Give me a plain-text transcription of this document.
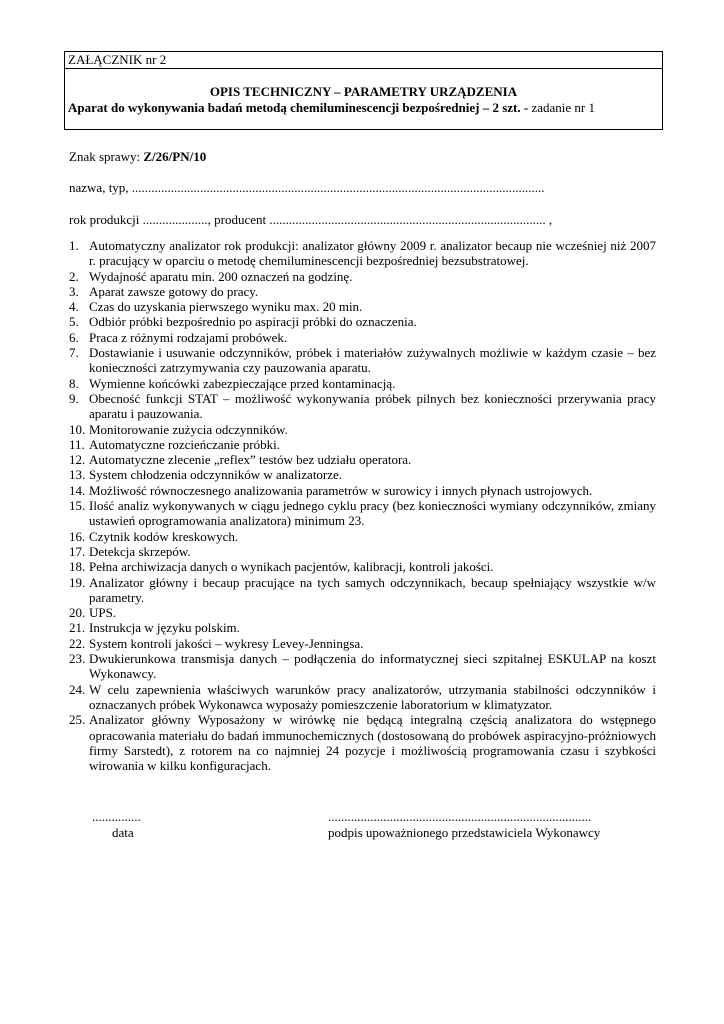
ZAŁĄCZNIK nr 2
OPIS TECHNICZNY – PARAMETRY URZĄDZENIA
Aparat do wykonywania badań metodą chemiluminescencji bezpośredniej – 2 szt. - zadanie nr 1
Znak sprawy: Z/26/PN/10
nazwa, typ, ...............................................................................................................................
rok produkcji ...................., producent ..................................................................................... ,
1. Automatyczny analizator rok produkcji: analizator główny 2009 r. analizator becaup nie wcześniej niż 2007 r. pracujący w oparciu o metodę chemiluminescencji bezpośredniej bezsubstratowej.
2. Wydajność aparatu min. 200 oznaczeń na godzinę.
3. Aparat zawsze gotowy do pracy.
4. Czas do uzyskania pierwszego wyniku max. 20 min.
5. Odbiór próbki bezpośrednio po aspiracji próbki do oznaczenia.
6. Praca z różnymi rodzajami probówek.
7. Dostawianie i usuwanie odczynników, próbek i materiałów zużywalnych możliwie w każdym czasie – bez konieczności zatrzymywania czy pauzowania aparatu.
8. Wymienne końcówki zabezpieczające przed kontaminacją.
9. Obecność funkcji STAT – możliwość wykonywania próbek pilnych bez konieczności przerywania pracy aparatu i pauzowania.
10. Monitorowanie zużycia odczynników.
11. Automatyczne rozcieńczanie próbki.
12. Automatyczne zlecenie „reflex” testów bez udziału operatora.
13. System chłodzenia odczynników w analizatorze.
14. Możliwość równoczesnego analizowania parametrów w surowicy i innych płynach ustrojowych.
15. Ilość analiz wykonywanych w ciągu jednego cyklu pracy (bez konieczności wymiany odczynników, zmiany ustawień oprogramowania analizatora) minimum 23.
16. Czytnik kodów kreskowych.
17. Detekcja skrzepów.
18. Pełna archiwizacja danych o wynikach pacjentów, kalibracji, kontroli jakości.
19. Analizator główny i becaup pracujące na tych samych odczynnikach, becaup spełniający wszystkie w/w parametry.
20. UPS.
21. Instrukcja w języku polskim.
22. System kontroli jakości – wykresy Levey-Jenningsa.
23. Dwukierunkowa transmisja danych – podłączenia do informatycznej sieci szpitalnej ESKULAP na koszt Wykonawcy.
24. W celu zapewnienia właściwych warunków pracy analizatorów, utrzymania stabilności odczynników i oznaczanych próbek Wykonawca wyposaży pomieszczenie laboratorium w klimatyzator.
25. Analizator główny Wyposażony w wirówkę nie będącą integralną częścią analizatora do wstępnego opracowania materiału do badań immunochemicznych (dostosowaną do probówek aspiracyjno-próżniowych firmy Sarstedt), z rotorem na co najmniej 24 pozycje i możliwością programowania czasu i szybkości wirowania w kilku konfiguracjach.
...............
data
.................................................................................
podpis upoważnionego przedstawiciela Wykonawcy
